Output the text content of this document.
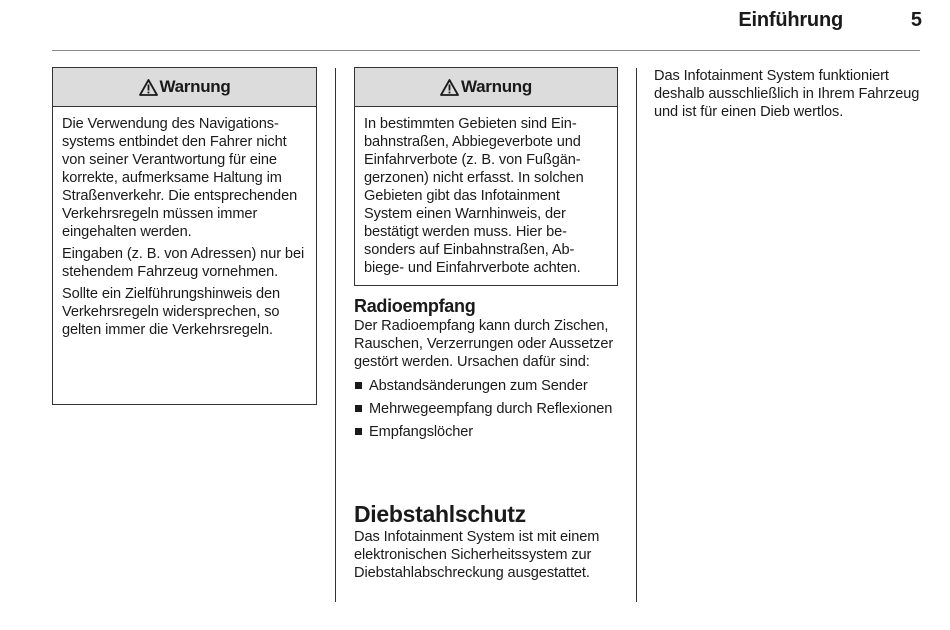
Einführung	5
Warnung

Die Verwendung des Navigationssystems entbindet den Fahrer nicht von seiner Verantwortung für eine korrekte, aufmerksame Haltung im Straßenverkehr. Die entsprechenden Verkehrsregeln müssen immer eingehalten werden.

Eingaben (z. B. von Adressen) nur bei stehendem Fahrzeug vornehmen.

Sollte ein Zielführungshinweis den Verkehrsregeln widersprechen, so gelten immer die Verkehrsregeln.

Warnung

In bestimmten Gebieten sind Einbahnstraßen, Abbiegeverbote und Einfahrverbote (z. B. von Fußgängerzonen) nicht erfasst. In solchen Gebieten gibt das Infotainment System einen Warnhinweis, der bestätigt werden muss. Hier besonders auf Einbahnstraßen, Abbiege- und Einfahrverbote achten.

Radioempfang

Der Radioempfang kann durch Zischen, Rauschen, Verzerrungen oder Aussetzer gestört werden. Ursachen dafür sind:

Abstandsänderungen zum Sender
Mehrwegeempfang durch Reflexionen
Empfangslöcher
Diebstahlschutz

Das Infotainment System ist mit einem elektronischen Sicherheitssystem zur Diebstahlabschreckung ausgestattet.

Das Infotainment System funktioniert deshalb ausschließlich in Ihrem Fahrzeug und ist für einen Dieb wertlos.
